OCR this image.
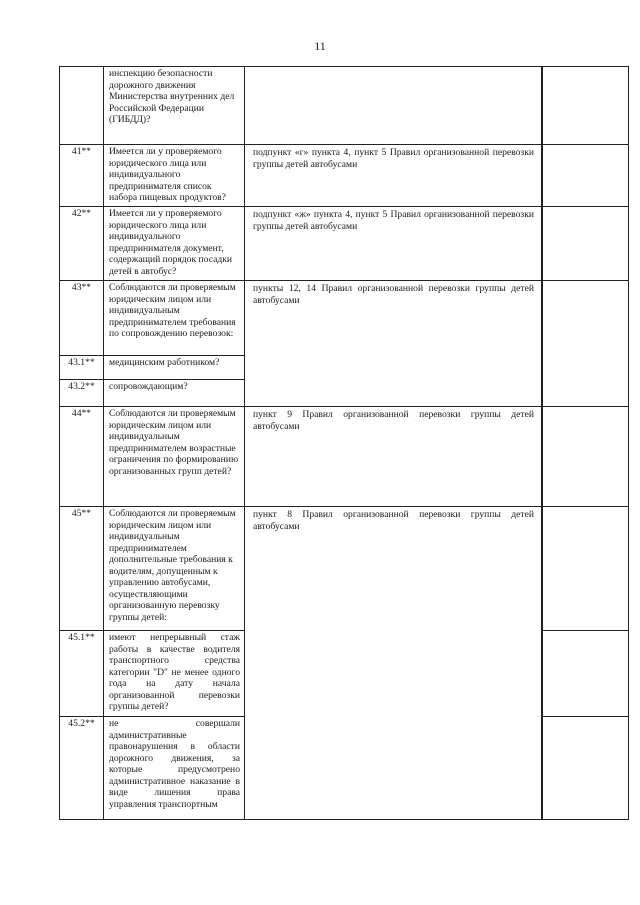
11

	инспекцию безопасности дорожного движения Министерства внутренних дел Российской Федерации (ГИБДД)?		

41**	Имеется ли у проверяемого юридического лица или индивидуального предпринимателя список набора пищевых продуктов?	подпункт «г» пункта 4, пункт 5 Правил организованной перевозки группы детей автобусами	

42**	Имеется ли у проверяемого юридического лица или индивидуального предпринимателя документ, содержащий порядок посадки детей в автобус?	подпункт «ж» пункта 4, пункт 5 Правил организованной перевозки группы детей автобусами	

43**	Соблюдаются ли проверяемым юридическим лицом или индивидуальным предпринимателем требования по сопровождению перевозок:	пункты 12, 14 Правил организованной перевозки группы детей автобусами	

43.1**	медицинским работником?		

43.2**	сопровождающим?		

44**	Соблюдаются ли проверяемым юридическим лицом или индивидуальным предпринимателем возрастные ограничения по формированию организованных групп детей?	пункт 9 Правил организованной перевозки группы детей автобусами	

45**	Соблюдаются ли проверяемым юридическим лицом или индивидуальным предпринимателем дополнительные требования к водителям, допущенным к управлению автобусами, осуществляющими организованную перевозку группы детей:	пункт 8 Правил организованной перевозки группы детей автобусами	

45.1**	имеют непрерывный стаж работы в качестве водителя транспортного средства категории "D" не менее одного года на дату начала организованной перевозки группы детей?		

45.2**	не совершали административные правонарушения в области дорожного движения, за которые предусмотрено административное наказание в виде лишения права управления транспортным		
